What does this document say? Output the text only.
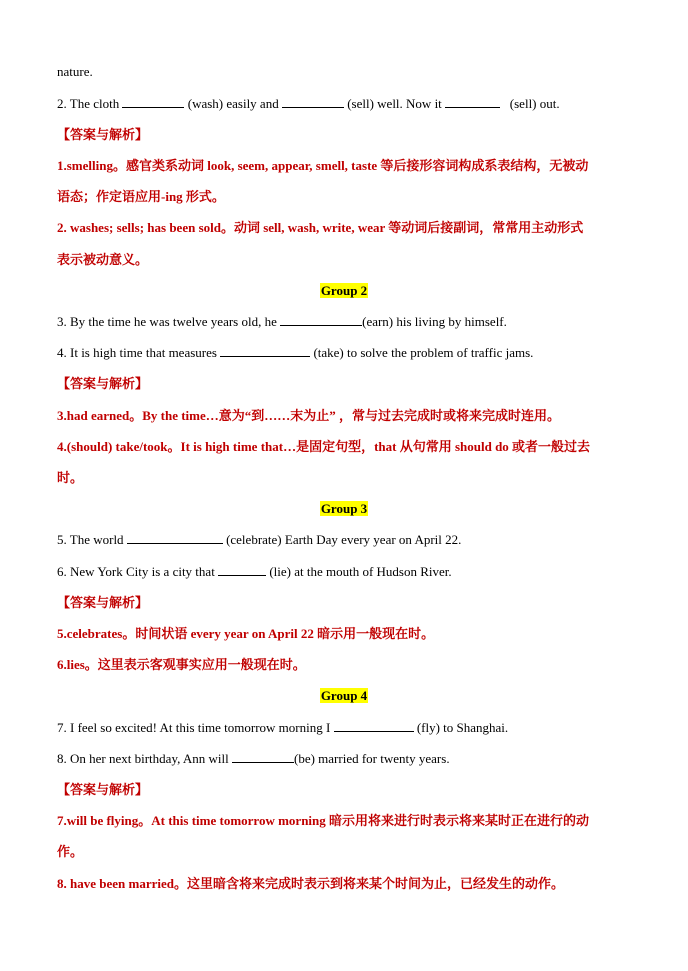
nature.
2. The cloth	(wash) easily and	(sell) well. Now it	(sell) out.
【答案与解析】
1.smelling。感官类系动词 look, seem, appear, smell, taste 等后接形容词构成系表结构，无被动
语态；作定语应用-ing 形式。
2. washes; sells; has been sold。动词 sell, wash, write, wear 等动词后接副词，常常用主动形式
表示被动意义。
Group 2
3. By the time he was twelve years old, he	(earn) his living by himself.
4. It is high time that measures	(take) to solve the problem of traffic jams.
【答案与解析】
3.had earned。By the time…意为“到……末为止” ，常与过去完成时或将来完成时连用。
4.(should) take/took。It is high time that…是固定句型，that 从句常用 should do 或者一般过去
时。
Group 3
5. The world	(celebrate) Earth Day every year on April 22.
6. New York City is a city that	(lie) at the mouth of Hudson River.
【答案与解析】
5.celebrates。时间状语 every year on April 22 暗示用一般现在时。
6.lies。这里表示客观事实应用一般现在时。
Group 4
7. I feel so excited! At this time tomorrow morning I	(fly) to Shanghai.
8. On her next birthday, Ann will	(be) married for twenty years.
【答案与解析】
7.will be flying。At this time tomorrow morning 暗示用将来进行时表示将来某时正在进行的动
作。
8. have been married。这里暗含将来完成时表示到将来某个时间为止，已经发生的动作。
